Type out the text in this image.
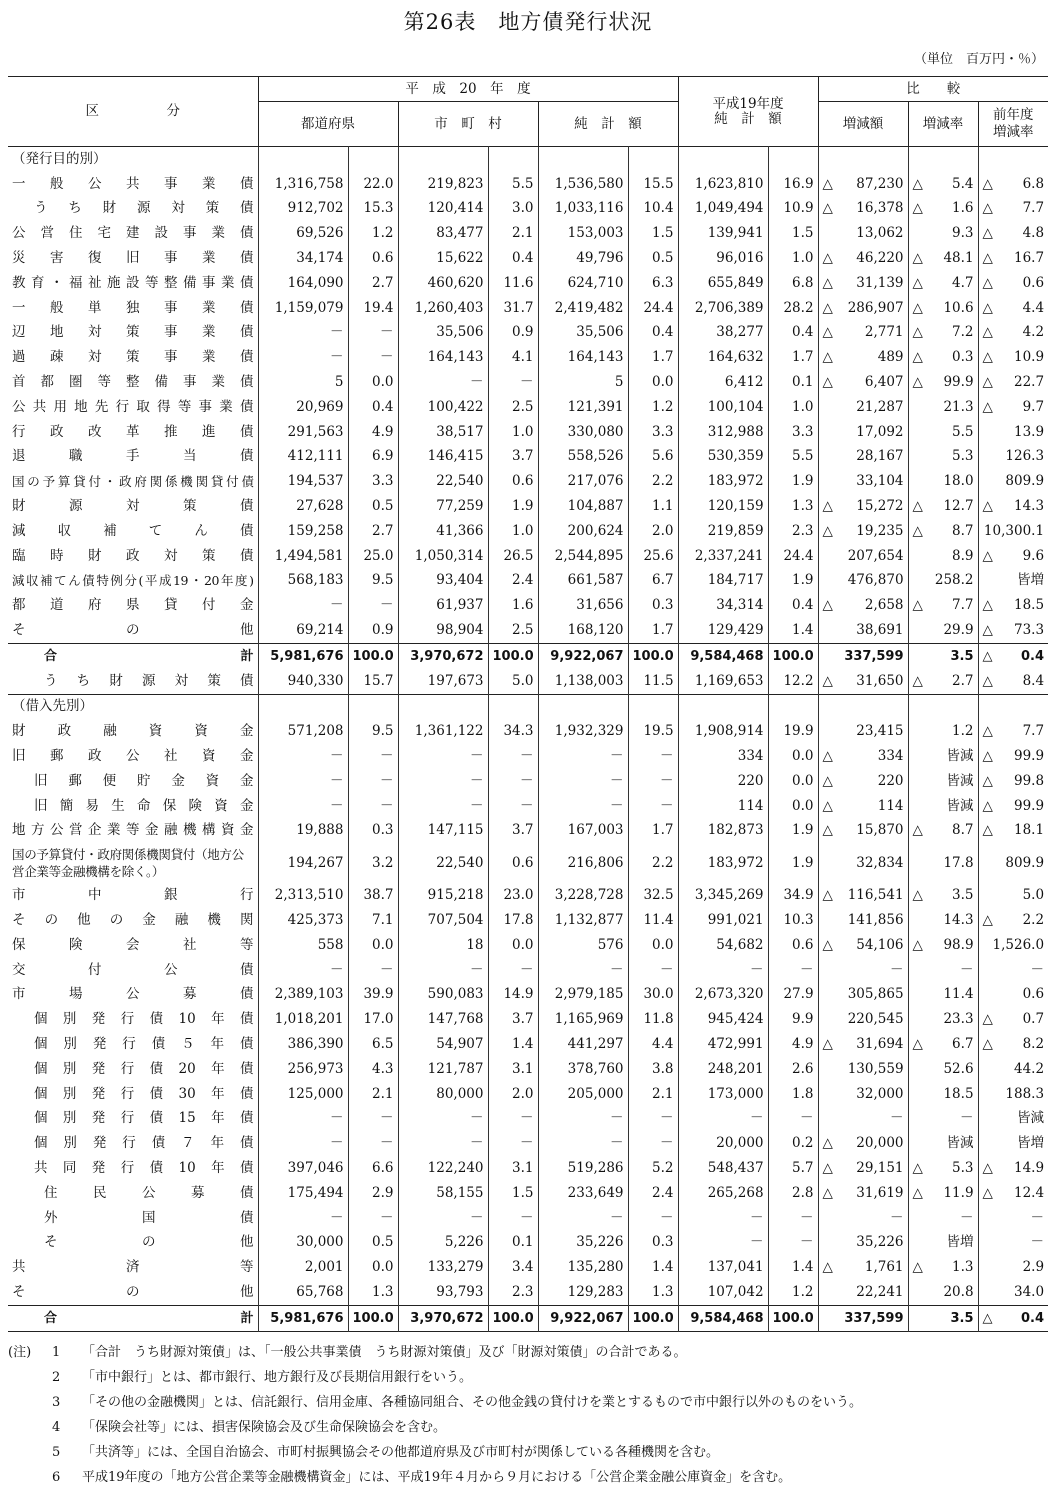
第26表　地方債発行状況
（単位　百万円・％）
区　　　　　分	平　成　20　年　度						平成19年度
純　計　額		比　　較		
	都道府県		市　町　村		純　計　額				増減額	増減率	前年度
増減率
（発行目的別）											
一般公共事業債	1,316,758	22.0	219,823	5.5	1,536,580	15.5	1,623,810	16.9	△ 87,230	△ 5.4	△ 6.8
うち財源対策債	912,702	15.3	120,414	3.0	1,033,116	10.4	1,049,494	10.9	△ 16,378	△ 1.6	△ 7.7
公営住宅建設事業債	69,526	1.2	83,477	2.1	153,003	1.5	139,941	1.5	13,062	9.3	△ 4.8
災害復旧事業債	34,174	0.6	15,622	0.4	49,796	0.5	96,016	1.0	△ 46,220	△ 48.1	△ 16.7
教育・福祉施設等整備事業債	164,090	2.7	460,620	11.6	624,710	6.3	655,849	6.8	△ 31,139	△ 4.7	△ 0.6
一般単独事業債	1,159,079	19.4	1,260,403	31.7	2,419,482	24.4	2,706,389	28.2	△ 286,907	△ 10.6	△ 4.4
辺地対策事業債	－	－	35,506	0.9	35,506	0.4	38,277	0.4	△ 2,771	△ 7.2	△ 4.2
過疎対策事業債	－	－	164,143	4.1	164,143	1.7	164,632	1.7	△ 489	△ 0.3	△ 10.9
首都圏等整備事業債	5	0.0	－	－	5	0.0	6,412	0.1	△ 6,407	△ 99.9	△ 22.7
公共用地先行取得等事業債	20,969	0.4	100,422	2.5	121,391	1.2	100,104	1.0	21,287	21.3	△ 9.7
行政改革推進債	291,563	4.9	38,517	1.0	330,080	3.3	312,988	3.3	17,092	5.5	13.9
退職手当債	412,111	6.9	146,415	3.7	558,526	5.6	530,359	5.5	28,167	5.3	126.3
国の予算貸付・政府関係機関貸付債	194,537	3.3	22,540	0.6	217,076	2.2	183,972	1.9	33,104	18.0	809.9
財源対策債	27,628	0.5	77,259	1.9	104,887	1.1	120,159	1.3	△ 15,272	△ 12.7	△ 14.3
減収補てん債	159,258	2.7	41,366	1.0	200,624	2.0	219,859	2.3	△ 19,235	△ 8.7	10,300.1
臨時財政対策債	1,494,581	25.0	1,050,314	26.5	2,544,895	25.6	2,337,241	24.4	207,654	8.9	△ 9.6
減収補てん債特例分(平成19・20年度)	568,183	9.5	93,404	2.4	661,587	6.7	184,717	1.9	476,870	258.2	皆増
都道府県貸付金	－	－	61,937	1.6	31,656	0.3	34,314	0.4	△ 2,658	△ 7.7	△ 18.5
そ　　の　　他	69,214	0.9	98,904	2.5	168,120	1.7	129,429	1.4	38,691	29.9	△ 73.3
合　　　　　　計	5,981,676	100.0	3,970,672	100.0	9,922,067	100.0	9,584,468	100.0	337,599	3.5	△ 0.4
うち財源対策債	940,330	15.7	197,673	5.0	1,138,003	11.5	1,169,653	12.2	△ 31,650	△ 2.7	△ 8.4
（借入先別）											
財政融資資金	571,208	9.5	1,361,122	34.3	1,932,329	19.5	1,908,914	19.9	23,415	1.2	△ 7.7
旧郵政公社資金	－	－	－	－	－	－	334	0.0	△ 334	皆減	△ 99.9
旧郵便貯金資金	－	－	－	－	－	－	220	0.0	△ 220	皆減	△ 99.8
旧簡易生命保険資金	－	－	－	－	－	－	114	0.0	△ 114	皆減	△ 99.9
地方公営企業等金融機構資金	19,888	0.3	147,115	3.7	167,003	1.7	182,873	1.9	△ 15,870	△ 8.7	△ 18.1
国の予算貸付・政府関係機関貸付（地方公営企業等金融機構を除く。）	194,267	3.2	22,540	0.6	216,806	2.2	183,972	1.9	32,834	17.8	809.9
市中銀行	2,313,510	38.7	915,218	23.0	3,228,728	32.5	3,345,269	34.9	△ 116,541	△ 3.5	5.0
その他の金融機関	425,373	7.1	707,504	17.8	1,132,877	11.4	991,021	10.3	141,856	14.3	△ 2.2
保険会社等	558	0.0	18	0.0	576	0.0	54,682	0.6	△ 54,106	△ 98.9	1,526.0
交付公債	－	－	－	－	－	－	－	－	－	－	－
市場公募債	2,389,103	39.9	590,083	14.9	2,979,185	30.0	2,673,320	27.9	305,865	11.4	0.6
個別発行債10年債	1,018,201	17.0	147,768	3.7	1,165,969	11.8	945,424	9.9	220,545	23.3	△ 0.7
個別発行債５年債	386,390	6.5	54,907	1.4	441,297	4.4	472,991	4.9	△ 31,694	△ 6.7	△ 8.2
個別発行債20年債	256,973	4.3	121,787	3.1	378,760	3.8	248,201	2.6	130,559	52.6	44.2
個別発行債30年債	125,000	2.1	80,000	2.0	205,000	2.1	173,000	1.8	32,000	18.5	188.3
個別発行債15年債	－	－	－	－	－	－	－	－	－	－	皆減
個別発行債７年債	－	－	－	－	－	－	20,000	0.2	△ 20,000	皆減	皆増
共同発行債10年債	397,046	6.6	122,240	3.1	519,286	5.2	548,437	5.7	△ 29,151	△ 5.3	△ 14.9
住民公募債	175,494	2.9	58,155	1.5	233,649	2.4	265,268	2.8	△ 31,619	△ 11.9	△ 12.4
外　国　債	－	－	－	－	－	－	－	－	－	－	－
そ　の　他	30,000	0.5	5,226	0.1	35,226	0.3	－	－	35,226	皆増	－
共済等	2,001	0.0	133,279	3.4	135,280	1.4	137,041	1.4	△ 1,761	△ 1.3	2.9
そ　　の　　他	65,768	1.3	93,793	2.3	129,283	1.3	107,042	1.2	22,241	20.8	34.0
合　　　　　　計	5,981,676	100.0	3,970,672	100.0	9,922,067	100.0	9,584,468	100.0	337,599	3.5	△ 0.4
(注)	1	「合計　うち財源対策債」は、「一般公共事業債　うち財源対策債」及び「財源対策債」の合計である。
2	「市中銀行」とは、都市銀行、地方銀行及び長期信用銀行をいう。
3	「その他の金融機関」とは、信託銀行、信用金庫、各種協同組合、その他金銭の貸付けを業とするもので市中銀行以外のものをいう。
4	「保険会社等」には、損害保険協会及び生命保険協会を含む。
5	「共済等」には、全国自治協会、市町村振興協会その他都道府県及び市町村が関係している各種機関を含む。
6	平成19年度の「地方公営企業等金融機構資金」には、平成19年４月から９月における「公営企業金融公庫資金」を含む。
